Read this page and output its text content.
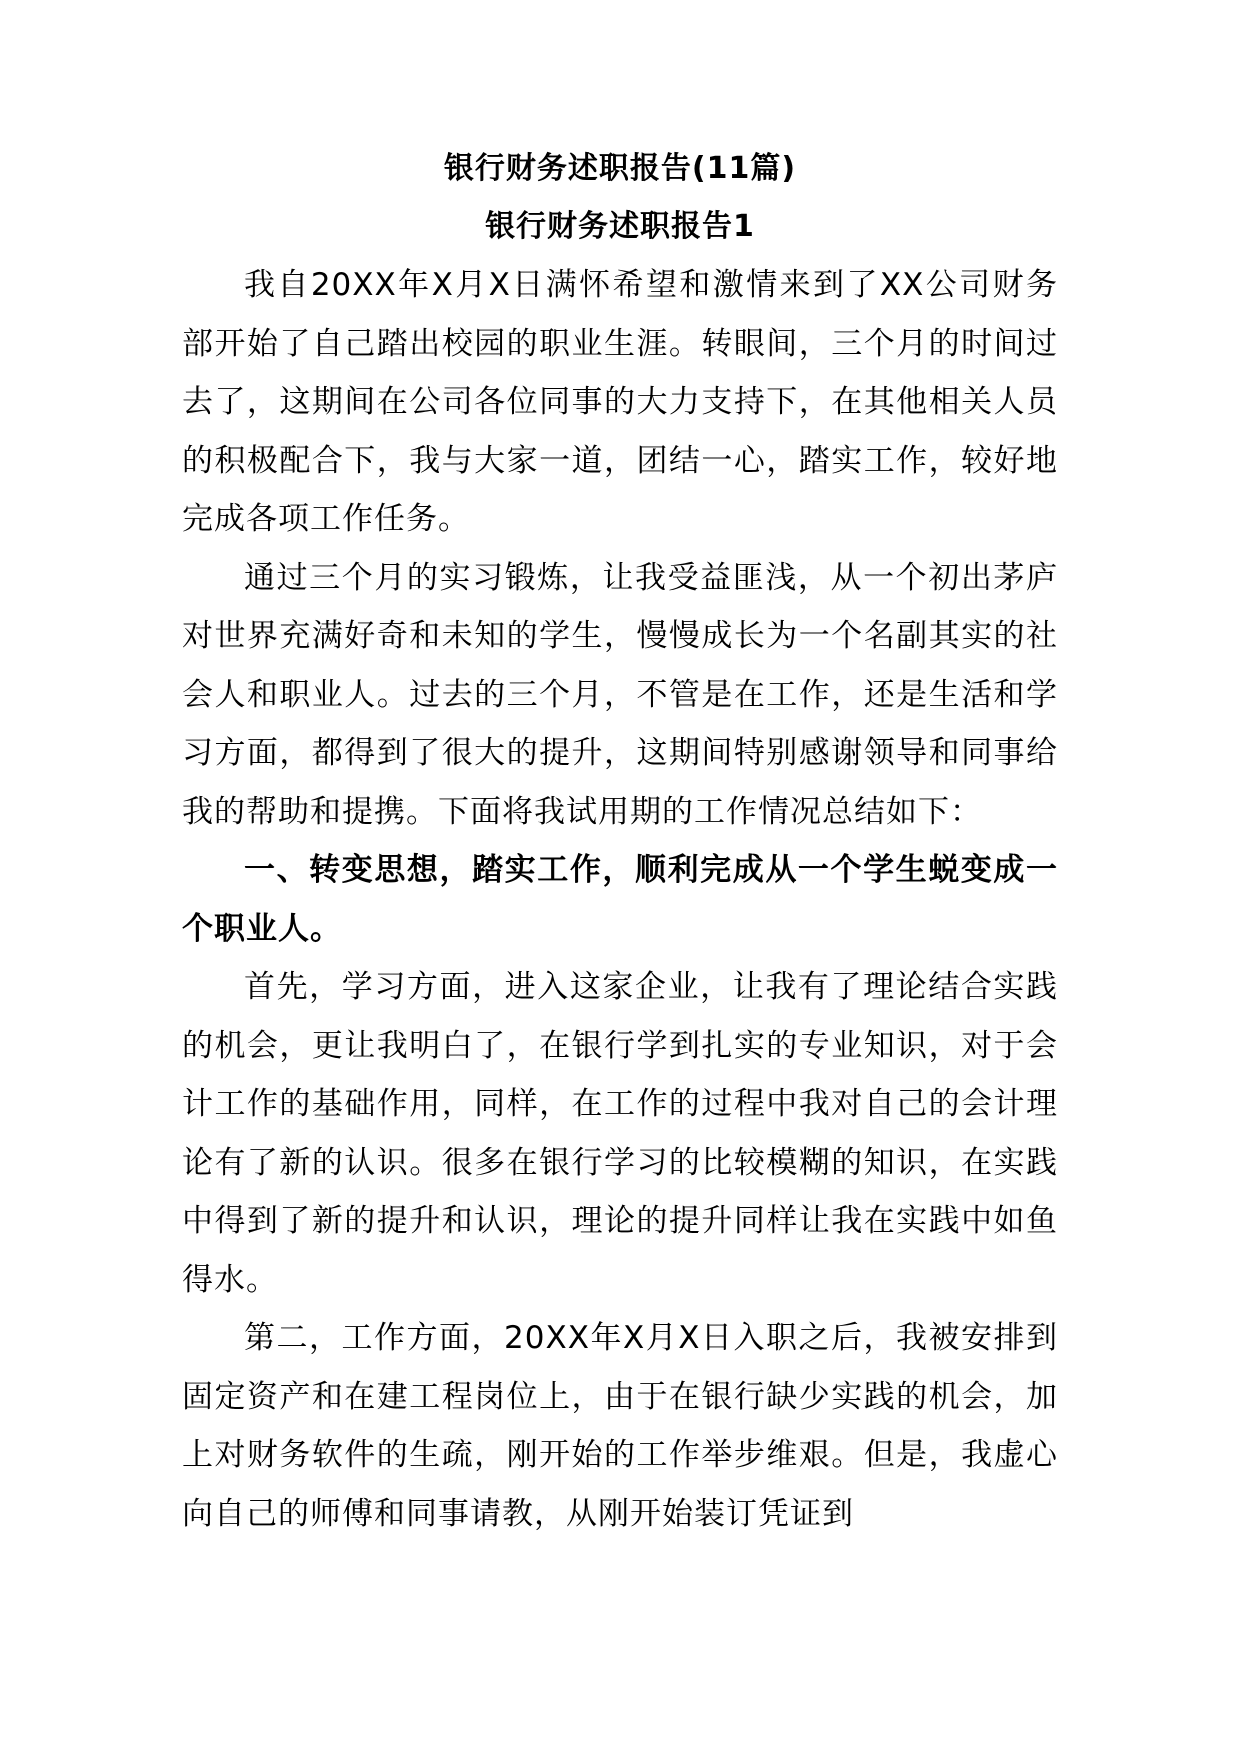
银行财务述职报告(11篇)
银行财务述职报告1

我自20XX年X月X日满怀希望和激情来到了XX公司财务部开始了自己踏出校园的职业生涯。转眼间，三个月的时间过去了，这期间在公司各位同事的大力支持下，在其他相关人员的积极配合下，我与大家一道，团结一心，踏实工作，较好地完成各项工作任务。

通过三个月的实习锻炼，让我受益匪浅，从一个初出茅庐对世界充满好奇和未知的学生，慢慢成长为一个名副其实的社会人和职业人。过去的三个月，不管是在工作，还是生活和学习方面，都得到了很大的提升，这期间特别感谢领导和同事给我的帮助和提携。下面将我试用期的工作情况总结如下：

一、转变思想，踏实工作，顺利完成从一个学生蜕变成一个职业人。

首先，学习方面，进入这家企业，让我有了理论结合实践的机会，更让我明白了，在银行学到扎实的专业知识，对于会计工作的基础作用，同样，在工作的过程中我对自己的会计理论有了新的认识。很多在银行学习的比较模糊的知识，在实践中得到了新的提升和认识，理论的提升同样让我在实践中如鱼得水。

第二，工作方面，20XX年X月X日入职之后，我被安排到固定资产和在建工程岗位上，由于在银行缺少实践的机会，加上对财务软件的生疏，刚开始的工作举步维艰。但是，我虚心向自己的师傅和同事请教，从刚开始装订凭证到
